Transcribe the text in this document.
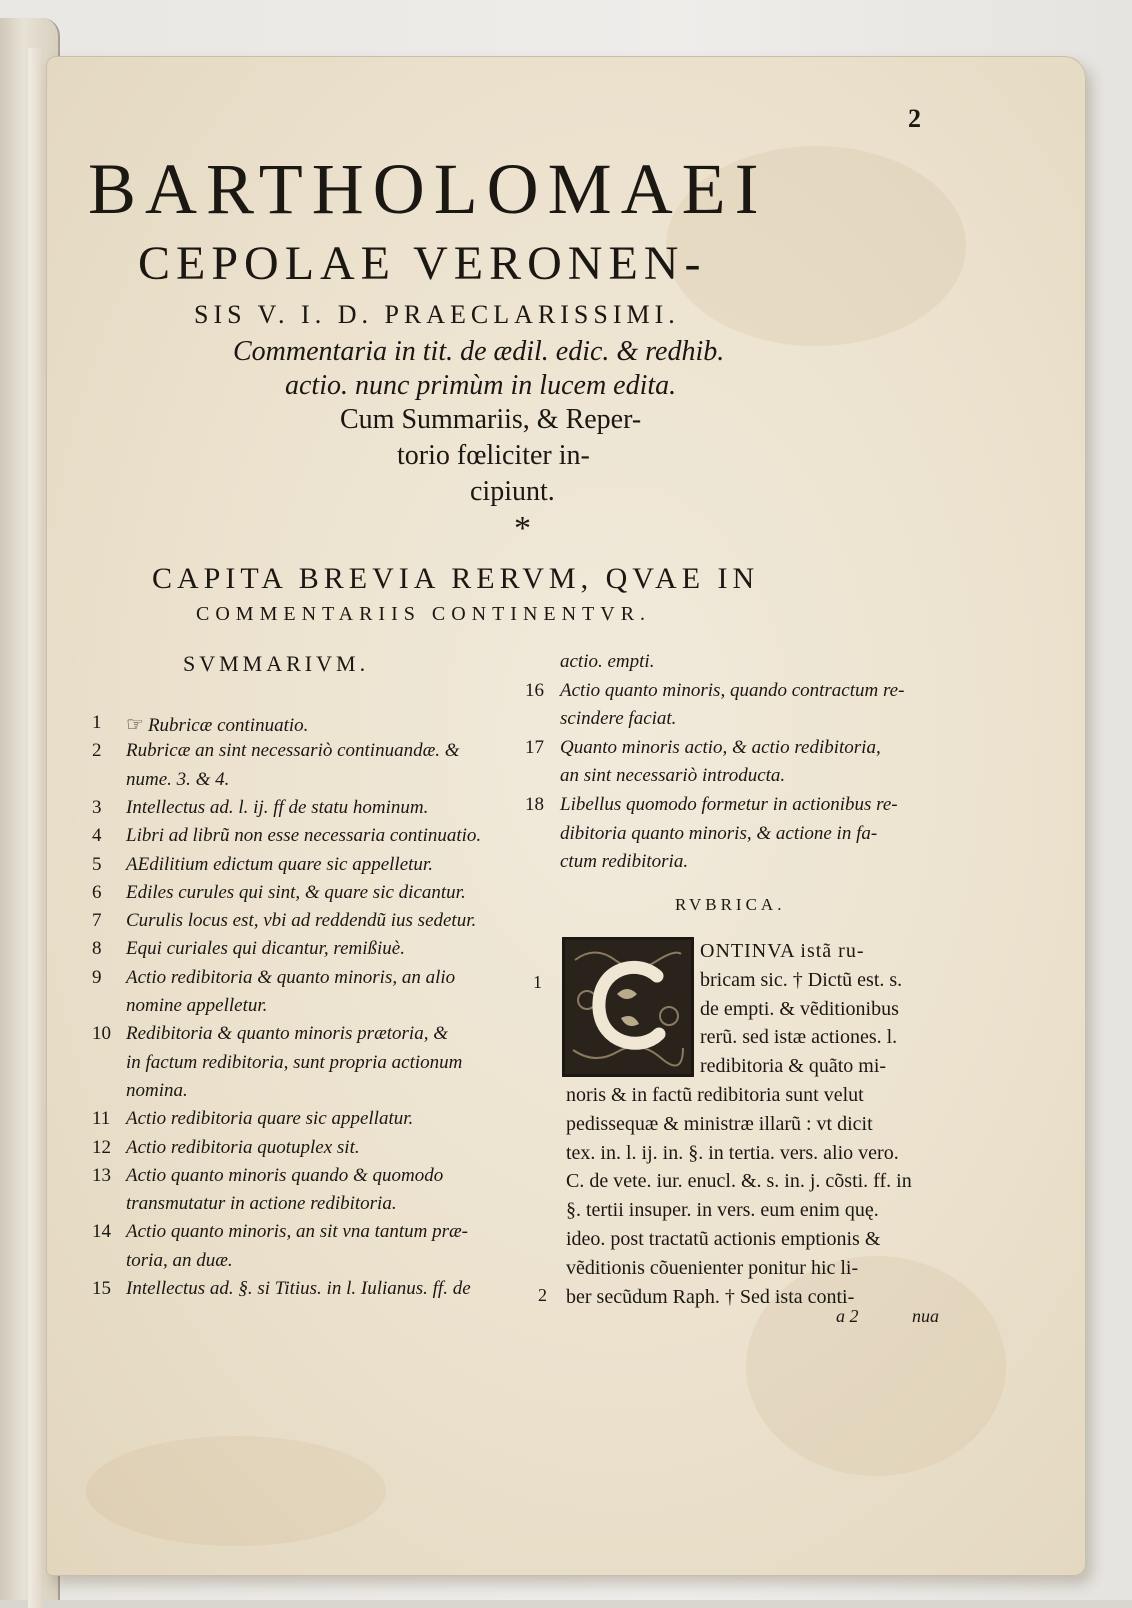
2
BARTHOLOMAEI
CEPOLAE VERONEN-
SIS V. I. D. PRAECLARISSIMI.
Commentaria in tit. de ædil. edic. & redhib.
actio. nunc primùm in lucem edita.
Cum Summariis, & Reper-
torio fœliciter in-
cipiunt.
*
CAPITA BREVIA RERVM, QVAE IN
COMMENTARIIS CONTINENTVR.
SVMMARIVM.
1 ☞ Rubricæ continuatio.
2 Rubricæ an sint necessariò continuandæ. &
nume. 3. & 4.
3 Intellectus ad. l. ij. ff de statu hominum.
4 Libri ad librũ non esse necessaria continuatio.
5 AEdilitium edictum quare sic appelletur.
6 Ediles curules qui sint, & quare sic dicantur.
7 Curulis locus est, vbi ad reddendũ ius sedetur.
8 Equi curiales qui dicantur, remißiuè.
9 Actio redibitoria & quanto minoris, an alio
nomine appelletur.
10 Redibitoria & quanto minoris prætoria, &
in factum redibitoria, sunt propria actionum
nomina.
11 Actio redibitoria quare sic appellatur.
12 Actio redibitoria quotuplex sit.
13 Actio quanto minoris quando & quomodo
transmutatur in actione redibitoria.
14 Actio quanto minoris, an sit vna tantum præ-
toria, an duæ.
15 Intellectus ad. §. si Titius. in l. Iulianus. ff. de
actio. empti.
16 Actio quanto minoris, quando contractum re-
scindere faciat.
17 Quanto minoris actio, & actio redibitoria,
an sint necessariò introducta.
18 Libellus quomodo formetur in actionibus re-
dibitoria quanto minoris, & actione in fa-
ctum redibitoria.
RVBRICA.
ONTINVA istã ru-
bricam sic. † Dictũ est. s.
de empti. & vẽditionibus
rerũ. sed istæ actiones. l.
redibitoria & quãto mi-
noris & in factũ redibitoria sunt velut
pedissequæ & ministræ illarũ : vt dicit
tex. in. l. ij. in. §. in tertia. vers. alio vero.
C. de vete. iur. enucl. &. s. in. j. cõsti. ff. in
§. tertii insuper. in vers. eum enim quę.
ideo. post tractatũ actionis emptionis &
vẽditionis cõuenienter ponitur hic li-
ber secũdum Raph. † Sed ista conti-
a 2	nua
1
2
